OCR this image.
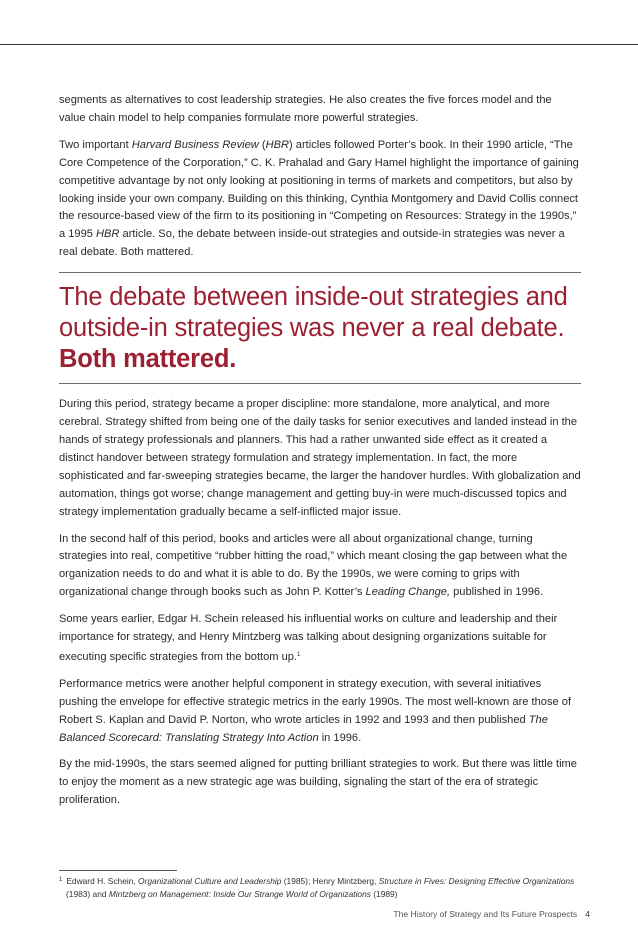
segments as alternatives to cost leadership strategies. He also creates the five forces model and the value chain model to help companies formulate more powerful strategies.

Two important Harvard Business Review (HBR) articles followed Porter’s book. In their 1990 article, “The Core Competence of the Corporation,” C. K. Prahalad and Gary Hamel highlight the importance of gaining competitive advantage by not only looking at positioning in terms of markets and competitors, but also by looking inside your own company. Building on this thinking, Cynthia Montgomery and David Collis connect the resource-based view of the firm to its positioning in “Competing on Resources: Strategy in the 1990s,” a 1995 HBR article. So, the debate between inside-out strategies and outside-in strategies was never a real debate. Both mattered.

The debate between inside-out strategies and outside-in strategies was never a real debate. Both mattered.

During this period, strategy became a proper discipline: more standalone, more analytical, and more cerebral. Strategy shifted from being one of the daily tasks for senior executives and landed instead in the hands of strategy professionals and planners. This had a rather unwanted side effect as it created a distinct handover between strategy formulation and strategy implementation. In fact, the more sophisticated and far-sweeping strategies became, the larger the handover hurdles. With globalization and automation, things got worse; change management and getting buy-in were much-discussed topics and strategy implementation gradually became a self-inflicted major issue.

In the second half of this period, books and articles were all about organizational change, turning strategies into real, competitive “rubber hitting the road,” which meant closing the gap between what the organization needs to do and what it is able to do. By the 1990s, we were coming to grips with organizational change through books such as John P. Kotter’s Leading Change, published in 1996.

Some years earlier, Edgar H. Schein released his influential works on culture and leadership and their importance for strategy, and Henry Mintzberg was talking about designing organizations suitable for executing specific strategies from the bottom up.$^1$

Performance metrics were another helpful component in strategy execution, with several initiatives pushing the envelope for effective strategic metrics in the early 1990s. The most well-known are those of Robert S. Kaplan and David P. Norton, who wrote articles in 1992 and 1993 and then published The Balanced Scorecard: Translating Strategy Into Action in 1996.

By the mid-1990s, the stars seemed aligned for putting brilliant strategies to work. But there was little time to enjoy the moment as a new strategic age was building, signaling the start of the era of strategic proliferation.

$^1$ Edward H. Schein, Organizational Culture and Leadership (1985); Henry Mintzberg, Structure in Fives: Designing Effective Organizations
(1983) and Mintzberg on Management: Inside Our Strange World of Organizations (1989)
The History of Strategy and Its Future Prospects 4
